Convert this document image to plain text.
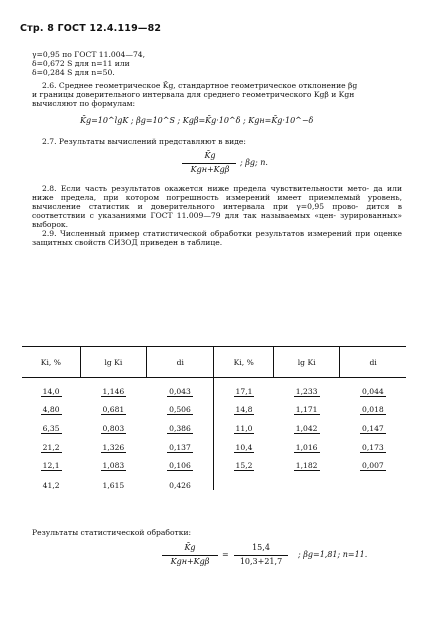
Стр. 8 ГОСТ 12.4.119—82
γ=0,95 по ГОСТ 11.004—74,
δ=0,672 S для n=11 или
δ=0,284 S для n=50.
2.6. Среднее геометрическое K̄g, стандартное геометрическое отклонение βg
и границы доверительного интервала для среднего геометрического Kgβ и Kgн
вычисляют по формулам:
K̄g=10^lgK ; βg=10^S ; Kgβ=K̄g·10^δ ; Kgн=K̄g·10^−δ
2.7. Результаты вычислений представляют в виде:
K̄g
Kgн+Kgβ
; βg; n.
2.8. Если часть результатов окажется ниже предела чувствительности мето- да или ниже предела, при котором погрешность измерений имеет приемлемый уровень, вычисление статистик и доверительного интервала при γ=0,95 прово- дится в соответствии с указаниями ГОСТ 11.009—79 для так называемых «цен- зурированных» выборок.
2.9. Численный пример статистической обработки результатов измерений при оценке защитных свойств СИЗОД приведен в таблице.
Ki, %	lg Ki	di	Ki, %	lg Ki	di
14,0	1,146	0,043	17,1	1,233	0,044
4,80	0,681	0,506	14,8	1,171	0,018
6,35	0,803	0,386	11,0	1,042	0,147
21,2	1,326	0,137	10,4	1,016	0,173
12,1	1,083	0,106	15,2	1,182	0,007
41,2	1,615	0,426			
Результаты статистической обработки:
K̄g
Kgн+Kgβ
=
15,4
10,3+21,7
; βg=1,81; n=11.
